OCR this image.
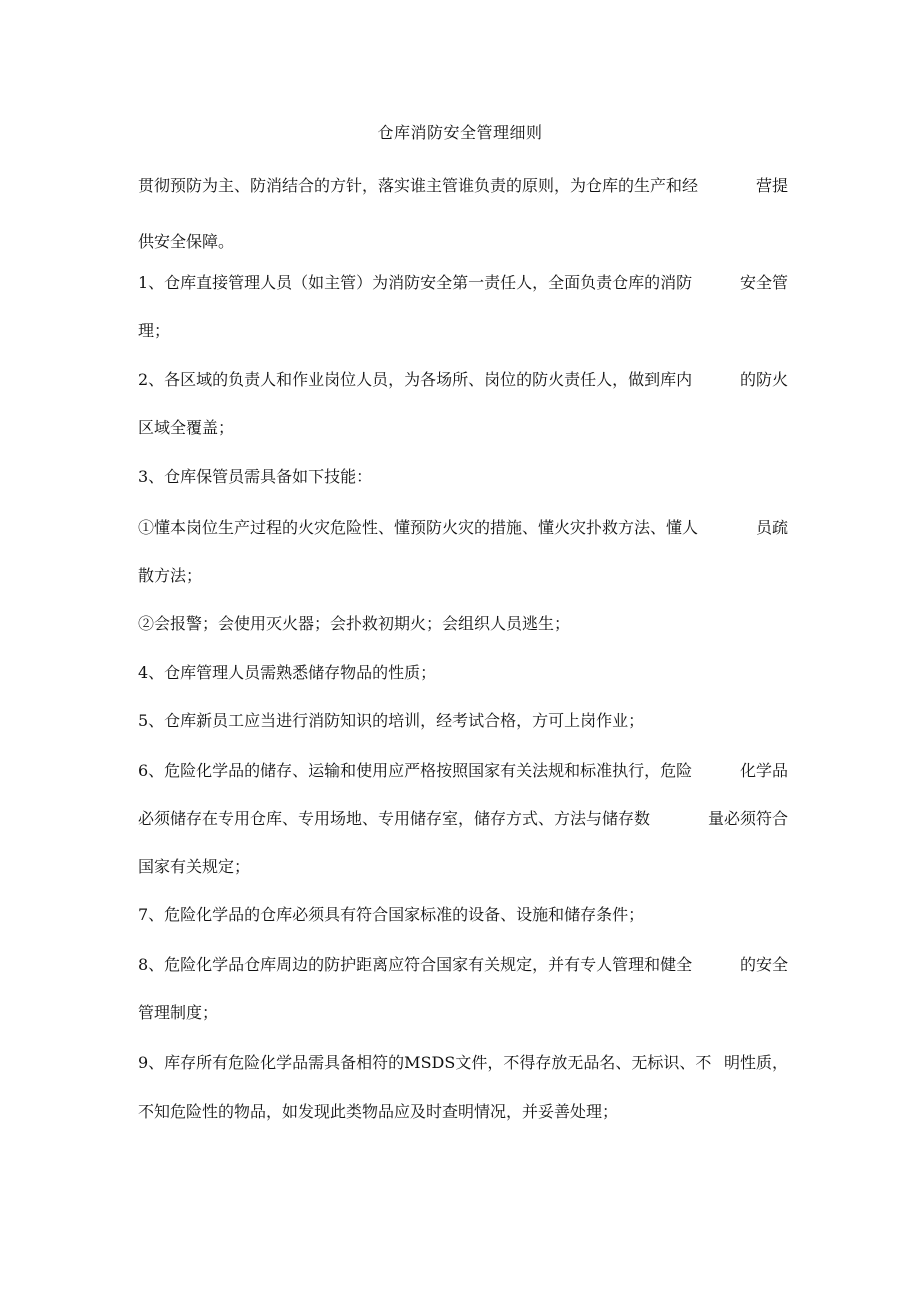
仓库消防安全管理细则
贯彻预防为主、防消结合的方针，落实谁主管谁负责的原则，为仓库的生产和经	营提
供安全保障。
1、仓库直接管理人员（如主管）为消防安全第一责任人，全面负责仓库的消防	安全管
理；
2、各区域的负责人和作业岗位人员，为各场所、岗位的防火责任人，做到库内	的防火
区域全覆盖；
3、仓库保管员需具备如下技能：
①懂本岗位生产过程的火灾危险性、懂预防火灾的措施、懂火灾扑救方法、懂人	员疏
散方法；
②会报警；会使用灭火器；会扑救初期火；会组织人员逃生；
4、仓库管理人员需熟悉储存物品的性质；
5、仓库新员工应当进行消防知识的培训，经考试合格，方可上岗作业；
6、危险化学品的储存、运输和使用应严格按照国家有关法规和标准执行，危险	化学品
必须储存在专用仓库、专用场地、专用储存室，储存方式、方法与储存数	量必须符合
国家有关规定；
7、危险化学品的仓库必须具有符合国家标准的设备、设施和储存条件；
8、危险化学品仓库周边的防护距离应符合国家有关规定，并有专人管理和健全	的安全
管理制度；
9、库存所有危险化学品需具备相符的MSDS文件，不得存放无品名、无标识、不 明性质，
不知危险性的物品，如发现此类物品应及时查明情况，并妥善处理；
